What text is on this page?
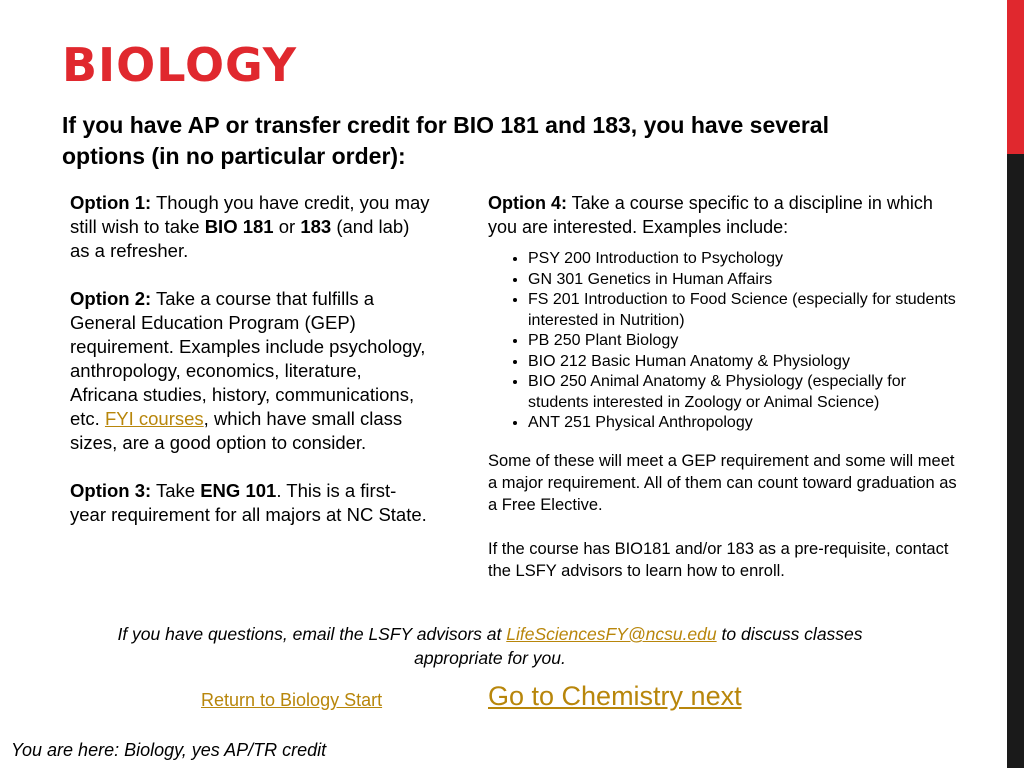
BIOLOGY
If you have AP or transfer credit for BIO 181 and 183, you have several options (in no particular order):

Option 1: Though you have credit, you may still wish to take BIO 181 or 183 (and lab) as a refresher.

Option 2: Take a course that fulfills a General Education Program (GEP) requirement. Examples include psychology, anthropology, economics, literature, Africana studies, history, communications, etc. FYI courses, which have small class sizes, are a good option to consider.

Option 3: Take ENG 101. This is a first-year requirement for all majors at NC State.

Option 4: Take a course specific to a discipline in which you are interested. Examples include:

• PSY 200 Introduction to Psychology
• GN 301 Genetics in Human Affairs
• FS 201 Introduction to Food Science (especially for students interested in Nutrition)
• PB 250 Plant Biology
• BIO 212 Basic Human Anatomy & Physiology
• BIO 250 Animal Anatomy & Physiology (especially for students interested in Zoology or Animal Science)
• ANT 251 Physical Anthropology

Some of these will meet a GEP requirement and some will meet a major requirement. All of them can count toward graduation as a Free Elective.

If the course has BIO181 and/or 183 as a pre-requisite, contact the LSFY advisors to learn how to enroll.

If you have questions, email the LSFY advisors at LifeSciencesFY@ncsu.edu to discuss classes appropriate for you.
Return to Biology Start	Go to Chemistry next
You are here: Biology, yes AP/TR credit
